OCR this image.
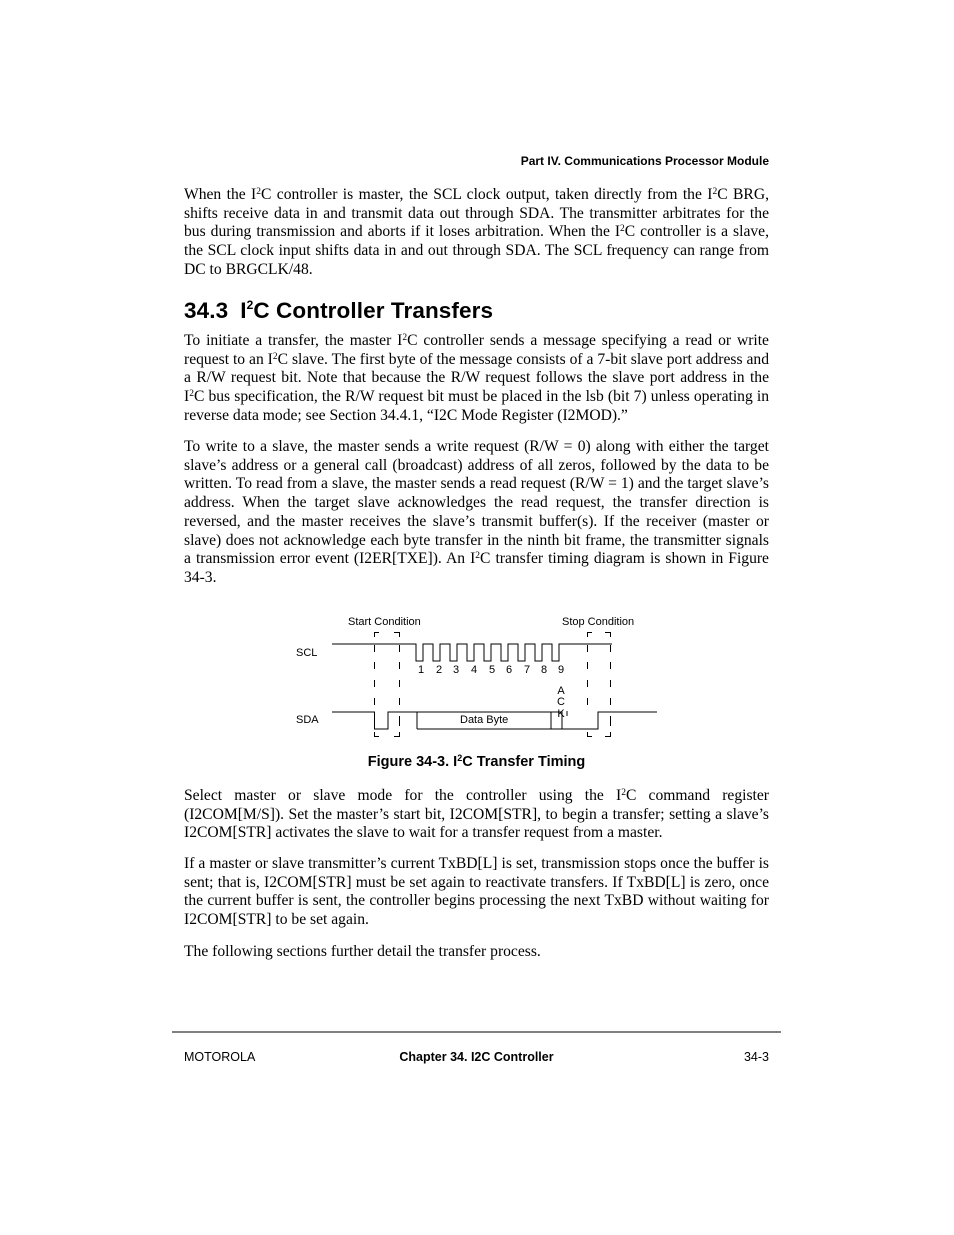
Part IV. Communications Processor Module

When the $I^2C$ controller is master, the SCL clock output, taken directly from the $I^2C$ BRG, shifts receive data in and transmit data out through SDA. The transmitter arbitrates for the bus during transmission and aborts if it loses arbitration. When the $I^2C$ controller is a slave, the SCL clock input shifts data in and out through SDA. The SCL frequency can range from DC to BRGCLK/48.

34.3 $I^2C$ Controller Transfers

To initiate a transfer, the master $I^2C$ controller sends a message specifying a read or write request to an $I^2C$ slave. The first byte of the message consists of a 7-bit slave port address and a R/W request bit. Note that because the R/W request follows the slave port address in the $I^2C$ bus specification, the R/W request bit must be placed in the lsb (bit 7) unless operating in reverse data mode; see Section 34.4.1, “I2C Mode Register (I2MOD).”

To write to a slave, the master sends a write request (R/W = 0) along with either the target slave’s address or a general call (broadcast) address of all zeros, followed by the data to be written. To read from a slave, the master sends a read request (R/W = 1) and the target slave’s address. When the target slave acknowledges the read request, the transfer direction is reversed, and the master receives the slave’s transmit buffer(s). If the receiver (master or slave) does not acknowledge each byte transfer in the ninth bit frame, the transmitter signals a transmission error event (I2ER[TXE]). An $I^2C$ transfer timing diagram is shown in Figure 34-3.

Start Condition	Stop Condition
SCL
SDA	Data Byte
1 2 3 4 5 6 7 8 9
A
C
K

Figure 34-3. $I^2C$ Transfer Timing

Select master or slave mode for the controller using the $I^2C$ command register (I2COM[M/S]). Set the master’s start bit, I2COM[STR], to begin a transfer; setting a slave’s I2COM[STR] activates the slave to wait for a transfer request from a master.

If a master or slave transmitter’s current TxBD[L] is set, transmission stops once the buffer is sent; that is, I2COM[STR] must be set again to reactivate transfers. If TxBD[L] is zero, once the current buffer is sent, the controller begins processing the next TxBD without waiting for I2COM[STR] to be set again.

The following sections further detail the transfer process.

MOTOROLA	Chapter 34. I2C Controller	34-3
